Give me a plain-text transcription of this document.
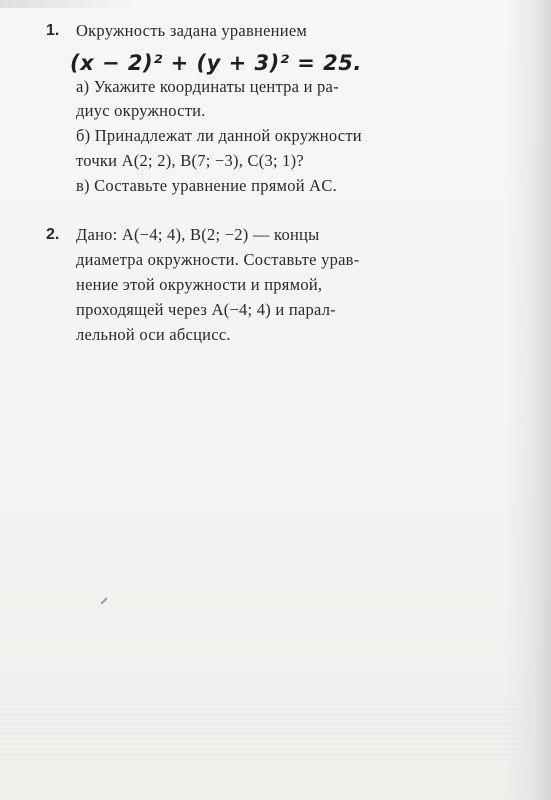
1. Окружность задана уравнением
(x − 2)² + (y + 3)² = 25.
а) Укажите координаты центра и ра-
диус окружности.
б) Принадлежат ли данной окружности
точки A(2; 2), B(7; −3), C(3; 1)?
в) Составьте уравнение прямой AC.
2. Дано: A(−4; 4), B(2; −2) — концы
диаметра окружности. Составьте урав-
нение этой окружности и прямой,
проходящей через A(−4; 4) и парал-
лельной оси абсцисс.
